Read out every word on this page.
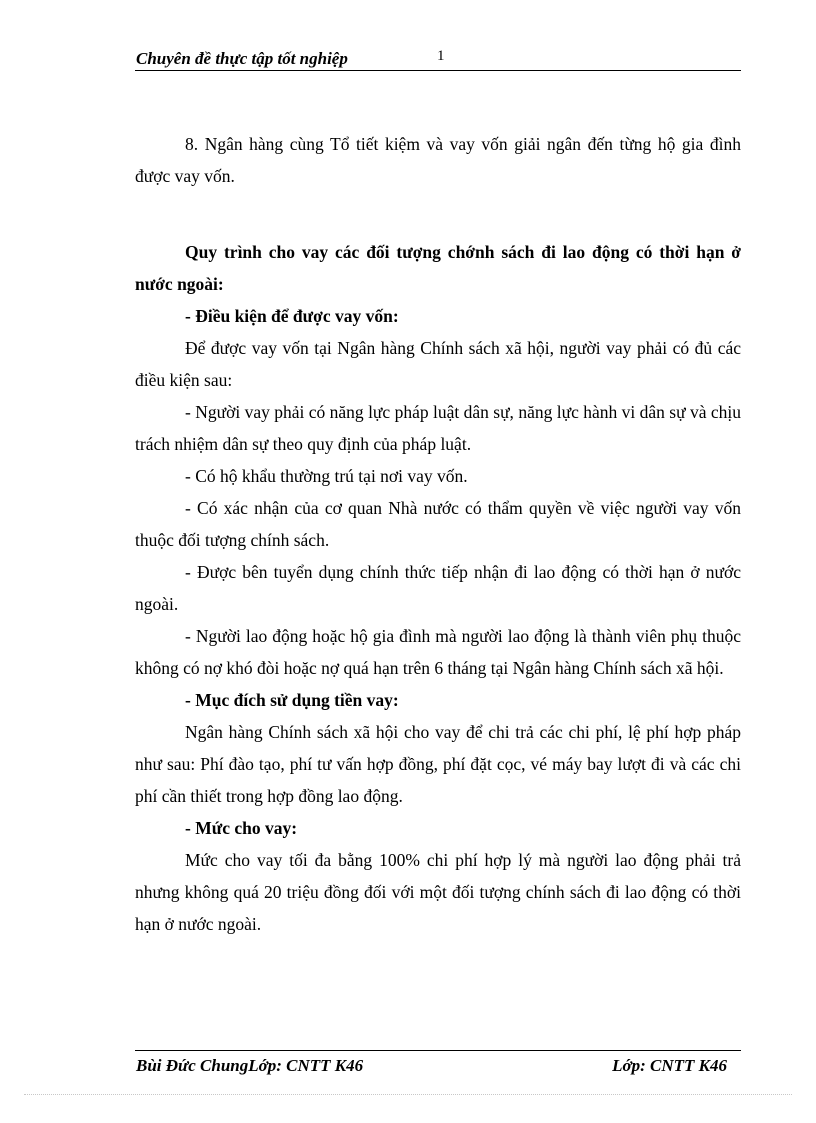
Chuyên đề thực tập tốt nghiệp	1

8. Ngân hàng cùng Tổ tiết kiệm và vay vốn giải ngân đến từng hộ gia đình được vay vốn.

Quy trình cho vay các đối tượng chớnh sách đi lao động có thời hạn ở nước ngoài:

- Điều kiện để được vay vốn:

Để được vay vốn tại Ngân hàng Chính sách xã hội, người vay phải có đủ các điều kiện sau:

- Người vay phải có năng lực pháp luật dân sự, năng lực hành vi dân sự và chịu trách nhiệm dân sự theo quy định của pháp luật.

- Có hộ khẩu thường trú tại nơi vay vốn.

- Có xác nhận của cơ quan Nhà nước có thẩm quyền về việc người vay vốn thuộc đối tượng chính sách.

- Được bên tuyển dụng chính thức tiếp nhận đi lao động có thời hạn ở nước ngoài.

- Người lao động hoặc hộ gia đình mà người lao động là thành viên phụ thuộc không có nợ khó đòi hoặc nợ quá hạn trên 6 tháng tại Ngân hàng Chính sách xã hội.

- Mục đích sử dụng tiền vay:

Ngân hàng Chính sách xã hội cho vay để chi trả các chi phí, lệ phí hợp pháp như sau: Phí đào tạo, phí tư vấn hợp đồng, phí đặt cọc, vé máy bay lượt đi và các chi phí cần thiết trong hợp đồng lao động.

- Mức cho vay:

Mức cho vay tối đa bằng 100% chi phí hợp lý mà người lao động phải trả nhưng không quá 20 triệu đồng đối với một đối tượng chính sách đi lao động có thời hạn ở nước ngoài.

Bùi Đức ChungLớp: CNTT K46	Lớp: CNTT K46
